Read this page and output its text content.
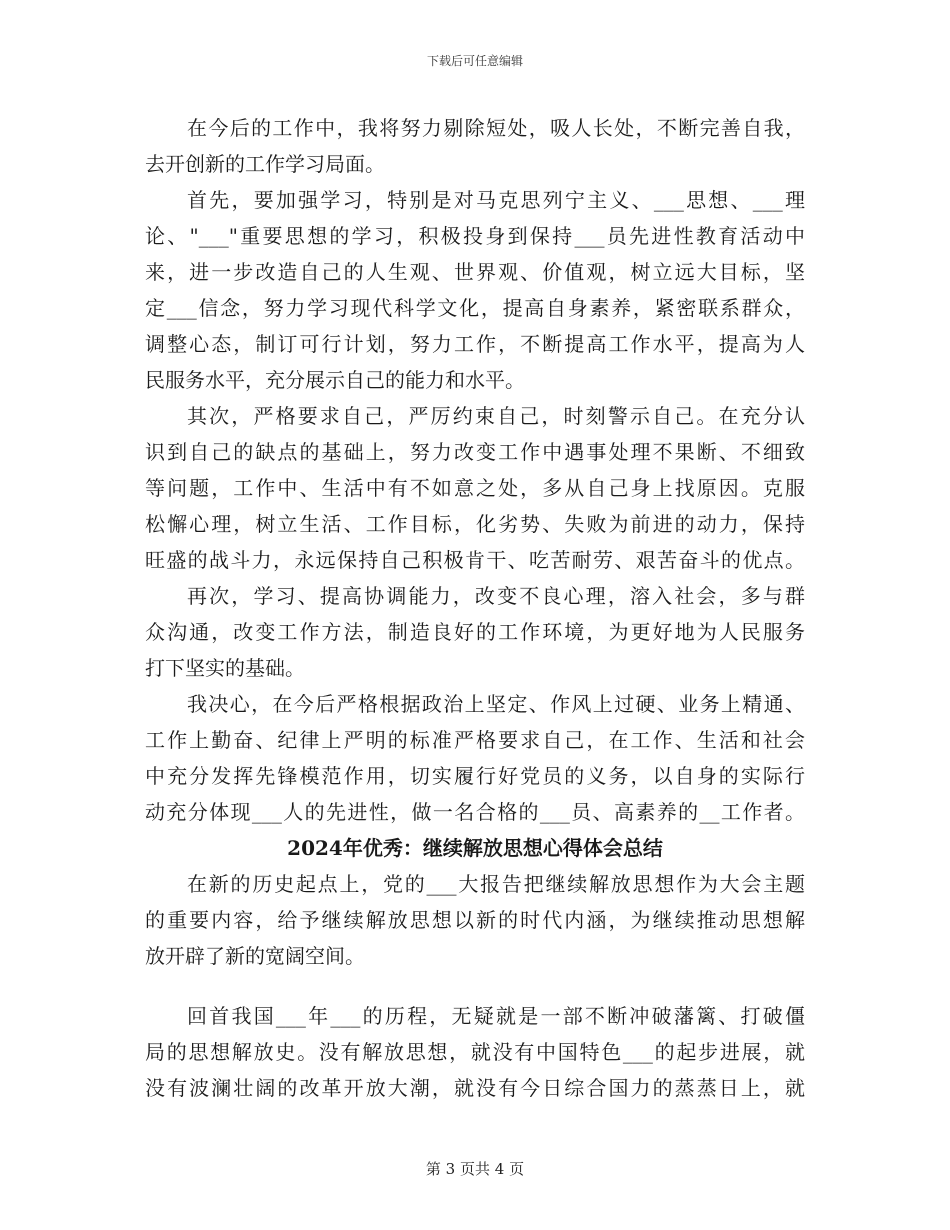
下载后可任意编辑
在今后的工作中，我将努力剔除短处，吸人长处，不断完善自我，
去开创新的工作学习局面。
首先，要加强学习，特别是对马克思列宁主义、___思想、___理
论、"___"重要思想的学习，积极投身到保持___员先进性教育活动中
来，进一步改造自己的人生观、世界观、价值观，树立远大目标，坚
定___信念，努力学习现代科学文化，提高自身素养，紧密联系群众，
调整心态，制订可行计划，努力工作，不断提高工作水平，提高为人
民服务水平，充分展示自己的能力和水平。
其次，严格要求自己，严厉约束自己，时刻警示自己。在充分认
识到自己的缺点的基础上，努力改变工作中遇事处理不果断、不细致
等问题，工作中、生活中有不如意之处，多从自己身上找原因。克服
松懈心理，树立生活、工作目标，化劣势、失败为前进的动力，保持
旺盛的战斗力，永远保持自己积极肯干、吃苦耐劳、艰苦奋斗的优点。
再次，学习、提高协调能力，改变不良心理，溶入社会，多与群
众沟通，改变工作方法，制造良好的工作环境，为更好地为人民服务
打下坚实的基础。
我决心，在今后严格根据政治上坚定、作风上过硬、业务上精通、
工作上勤奋、纪律上严明的标准严格要求自己，在工作、生活和社会
中充分发挥先锋模范作用，切实履行好党员的义务，以自身的实际行
动充分体现___人的先进性，做一名合格的___员、高素养的__工作者。
2024年优秀：继续解放思想心得体会总结
在新的历史起点上，党的___大报告把继续解放思想作为大会主题
的重要内容，给予继续解放思想以新的时代内涵，为继续推动思想解
放开辟了新的宽阔空间。
回首我国___年___的历程，无疑就是一部不断冲破藩篱、打破僵
局的思想解放史。没有解放思想，就没有中国特色___的起步进展，就
没有波澜壮阔的改革开放大潮，就没有今日综合国力的蒸蒸日上，就
第 3 页共 4 页
